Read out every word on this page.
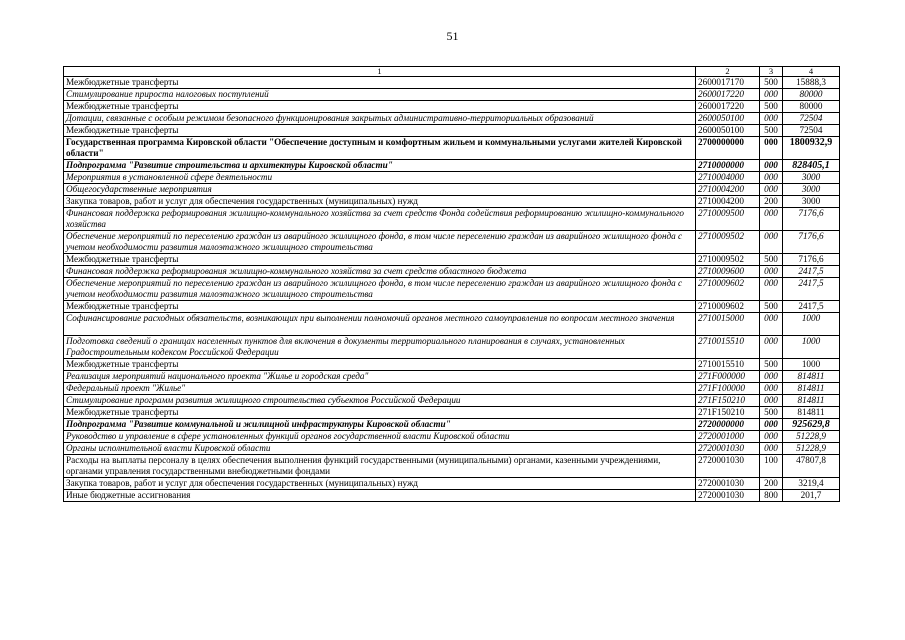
51
1	2	3	4
Межбюджетные трансферты	2600017170	500	15888,3
Стимулирование прироста налоговых поступлений	2600017220	000	80000
Межбюджетные трансферты	2600017220	500	80000
Дотации, связанные с особым режимом безопасного функционирования закрытых административно-территориальных образований	2600050100	000	72504
Межбюджетные трансферты	2600050100	500	72504
Государственная программа Кировской области "Обеспечение доступным и комфортным жильем и коммунальными услугами жителей Кировской области"	2700000000	000	1800932,9
Подпрограмма "Развитие строительства и архитектуры Кировской области"	2710000000	000	828405,1
Мероприятия в установленной сфере деятельности	2710004000	000	3000
Общегосударственные мероприятия	2710004200	000	3000
Закупка товаров, работ и услуг для обеспечения государственных (муниципальных) нужд	2710004200	200	3000
Финансовая поддержка реформирования жилищно-коммунального хозяйства за счет средств Фонда содействия реформированию жилищно-коммунального хозяйства	2710009500	000	7176,6
Обеспечение мероприятий по переселению граждан из аварийного жилищного фонда, в том числе переселению граждан из аварийного жилищного фонда с учетом необходимости развития малоэтажного жилищного строительства	2710009502	000	7176,6
Межбюджетные трансферты	2710009502	500	7176,6
Финансовая поддержка реформирования жилищно-коммунального хозяйства за счет средств областного бюджета	2710009600	000	2417,5
Обеспечение мероприятий по переселению граждан из аварийного жилищного фонда, в том числе переселению граждан из аварийного жилищного фонда с учетом необходимости развития малоэтажного жилищного строительства	2710009602	000	2417,5
Межбюджетные трансферты	2710009602	500	2417,5
Софинансирование расходных обязательств, возникающих при выполнении полномочий органов местного самоуправления по вопросам местного значения	2710015000	000	1000
Подготовка сведений о границах населенных пунктов для включения в документы территориального планирования в случаях, установленных Градостроительным кодексом Российской Федерации	2710015510	000	1000
Межбюджетные трансферты	2710015510	500	1000
Реализация мероприятий национального проекта "Жилье и городская среда"	271F000000	000	814811
Федеральный проект "Жилье"	271F100000	000	814811
Стимулирование программ развития жилищного строительства субъектов Российской Федерации	271F150210	000	814811
Межбюджетные трансферты	271F150210	500	814811
Подпрограмма "Развитие коммунальной и жилищной инфраструктуры Кировской области"	2720000000	000	925629,8
Руководство и управление в сфере установленных функций органов государственной власти Кировской области	2720001000	000	51228,9
Органы исполнительной власти Кировской области	2720001030	000	51228,9
Расходы на выплаты персоналу в целях обеспечения выполнения функций государственными (муниципальными) органами, казенными учреждениями, органами управления государственными внебюджетными фондами	2720001030	100	47807,8
Закупка товаров, работ и услуг для обеспечения государственных (муниципальных) нужд	2720001030	200	3219,4
Иные бюджетные ассигнования	2720001030	800	201,7
